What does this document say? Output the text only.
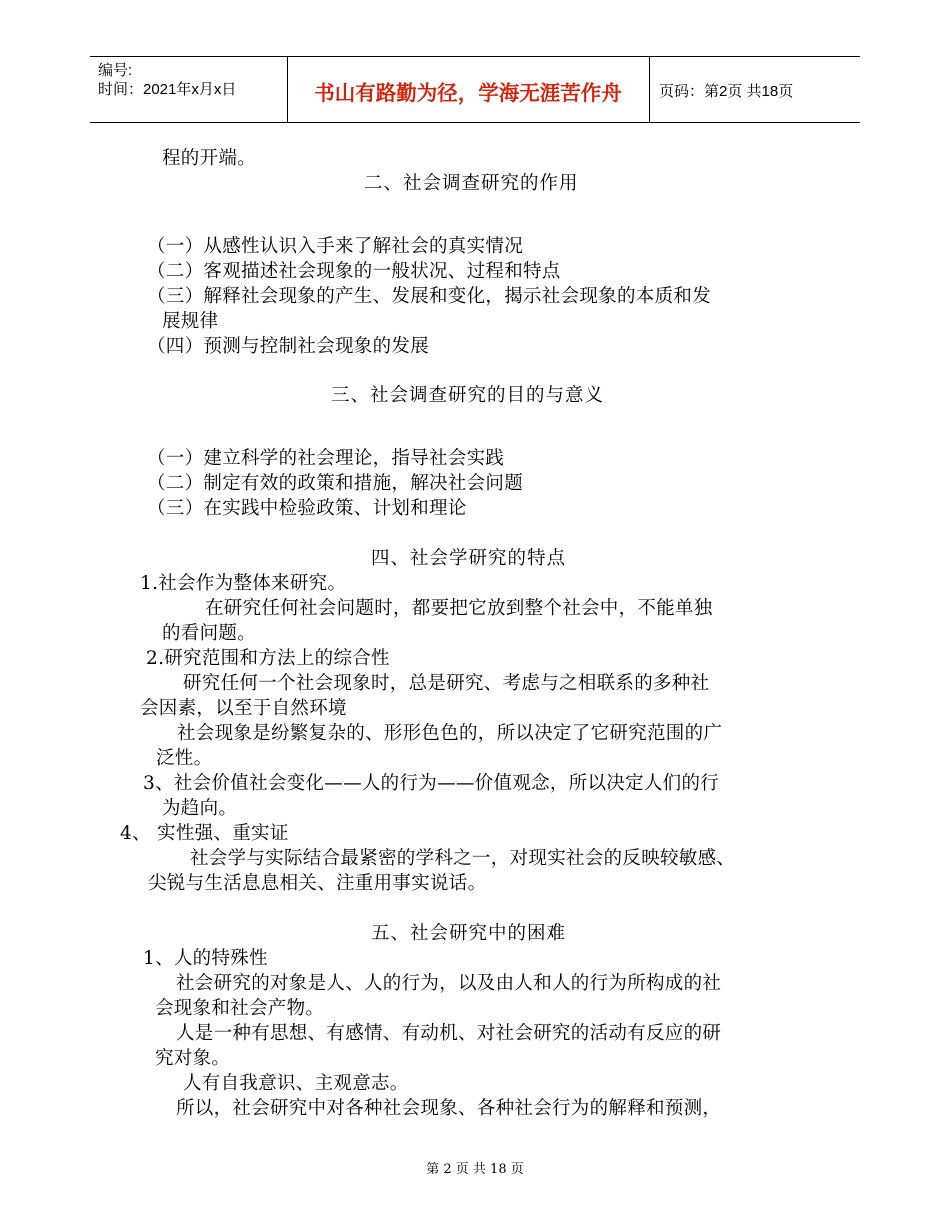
编号:
时间：2021年x月x日	书山有路勤为径，学海无涯苦作舟	页码：第2页 共18页
程的开端。
二、社会调查研究的作用
（一）从感性认识入手来了解社会的真实情况
（二）客观描述社会现象的一般状况、过程和特点
（三）解释社会现象的产生、发展和变化，揭示社会现象的本质和发
展规律
（四）预测与控制社会现象的发展
三、社会调查研究的目的与意义
（一）建立科学的社会理论，指导社会实践
（二）制定有效的政策和措施，解决社会问题
（三）在实践中检验政策、计划和理论
四、社会学研究的特点
1.社会作为整体来研究。
在研究任何社会问题时，都要把它放到整个社会中，不能单独
的看问题。
2.研究范围和方法上的综合性
研究任何一个社会现象时，总是研究、考虑与之相联系的多种社
会因素，以至于自然环境
社会现象是纷繁复杂的、形形色色的，所以决定了它研究范围的广
泛性。
3、社会价值社会变化——人的行为——价值观念，所以决定人们的行
为趋向。
4、 实性强、重实证
社会学与实际结合最紧密的学科之一，对现实社会的反映较敏感、
尖锐与生活息息相关、注重用事实说话。
五、社会研究中的困难
1、人的特殊性
社会研究的对象是人、人的行为，以及由人和人的行为所构成的社
会现象和社会产物。
人是一种有思想、有感情、有动机、对社会研究的活动有反应的研
究对象。
人有自我意识、主观意志。
所以，社会研究中对各种社会现象、各种社会行为的解释和预测，
第 2 页 共 18 页
